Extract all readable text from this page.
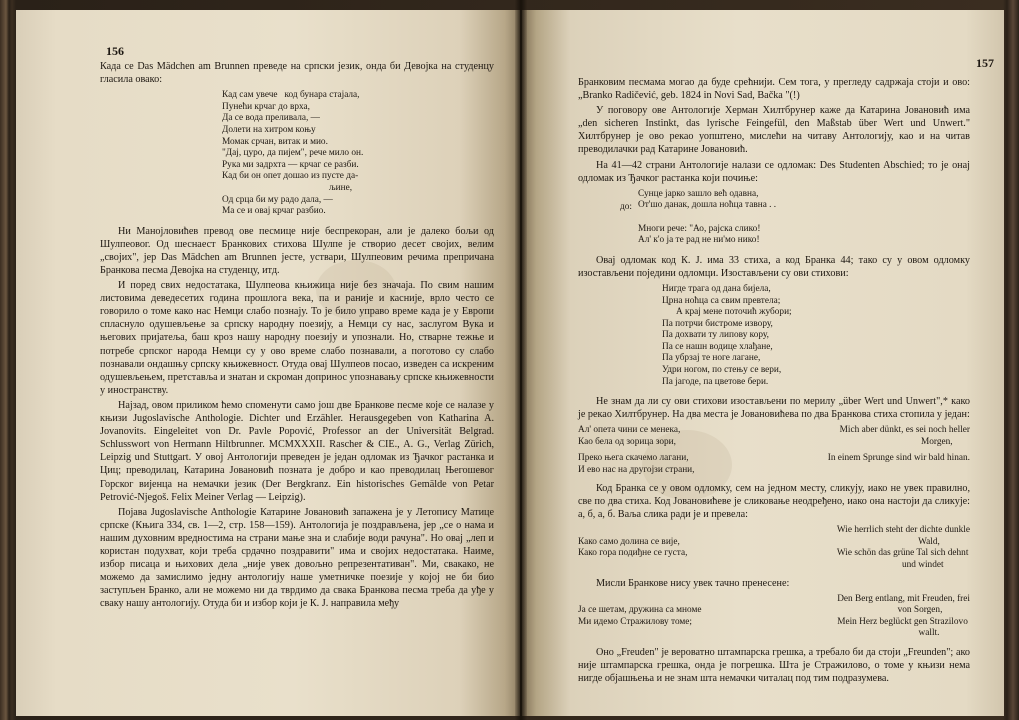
156

Када се Das Mädchen am Brunnen преведе на српски језик, онда би Девојка на студенцу гласила овако:

Кад сам увече   код бунара стајала,
Пунећи крчаг до врха,
Да се вода преливала, —
Долети на хитром коњу
Момак срчан, витак и мио.
"Дај, цуро, да пијем", рече мило он.
Рука ми задрхта — крчаг се разби.
Кад би он опет дошао из пусте да-
љине,
Од срца би му радо дала, —
Ма се и овај крчаг разбио.

Ни Манојловићев превод ове песмице није беспрекоран, али је далеко бољи од Шулпеовог. Од шеснаест Бранкових стихова Шулпе је створио десет својих, велим „својих", јер Das Mädchen am Brunnen јесте, уствари, Шулпеовим речима препричана Бранкова песма Девојка на студенцу, итд.

И поред свих недостатака, Шулпеова књижица није без значаја. По свим нашим листовима деведесетих година прошлога века, па и раније и касније, врло често се говорило о томе како нас Немци слабо познају. То је било управо време када је у Европи спласнуло одушевљење за српску народну поезију, а Немци су нас, заслугом Вука и његових пријатеља, баш кроз нашу народну поезију и упознали. Но, стварне тежње и потребе српског народа Немци су у ово време слабо познавали, а поготово су слабо познавали ондашњу српску књижевност. Отуда овај Шулпеов посао, изведен са искреним одушевљењем, претставља и знатан и скроман допринос упознавању српске књижевности у иностранству.

Најзад, овом приликом ћемо споменути само још две Бранкове песме које се налазе у књизи Jugoslavische Anthologie. Dichter und Erzähler. Herausgegeben von Katharina A. Jovanovits. Eingeleitet von Dr. Pavle Popović, Professor an der Universität Belgrad. Schlusswort von Hermann Hiltbrunner. MCMXXXII. Rascher & CIE., A. G., Verlag Zürich, Leipzig und Stuttgart. У овој Антологији преведен је један одломак из Ђачког растанка и Циц; преводилац, Катарина Јовановић позната је добро и као преводилац Његошевог Горског вијенца на немачки језик (Der Bergkranz. Ein historisches Gemälde von Petar Petrović-Njegoš. Felix Meiner Verlag — Leipzig).

Појава Jugoslavische Anthologie Катарине Јовановић запажена је у Летопису Матице српске (Књига 334, св. 1—2, стр. 158—159). Антологија је поздрављена, јер „се о нама и нашим духовним вредностима на страни мање зна и слабије води рачуна". Но овај „леп и користан подухват, који треба срдачно поздравити" има и својих недостатака. Наиме, избор писаца и њихових дела „није увек довољно репрезентативан". Ми, свакако, не можемо да замислимо једну антологију наше уметничке поезије у којој не би био заступљен Бранко, али не можемо ни да тврдимо да свака Бранкова песма треба да уђе у сваку нашу антологију. Отуда би и избор који је К. Ј. направила међу

157

Бранковим песмама могао да буде срећнији. Сем тога, у прегледу садржаја стоји и ово: „Branko Radičević, geb. 1824 in Novi Sad, Bačka "(!)

У поговору ове Антологије Херман Хилтбрунер каже да Катарина Јовановић има „den sicheren Instinkt, das lyrische Feingefül, den Maßstab über Wert und Unwert." Хилтбрунер је ово рекао уопштено, мислећи на читаву Антологију, као и на читав преводилачки рад Катарине Јовановић.

На 41—42 страни Антологије налази се одломак: Des Studenten Abschied; то је онај одломак из Ђачког растанка који почиње:

до:
Сунце јарко зашло већ одавна,
От'шо данак, дошла ноћца тавна . .

Многи рече: "Ао, рајска слико!
Ал' к'о ја те рад не ни'мо нико!

Овај одломак код К. Ј. има 33 стиха, а код Бранка 44; тако су у овом одломку изостављени поједини одломци. Изостављени су ови стихови:

Нигде трага од дана бијела,
Црна ноћца са свим превтела;
А крај мене поточић жубори;
Па потрчи бистроме извору,
Па дохвати ту липову кору,
Па се нашн водице хлађане,
Па убрзај те ноге лагане,
Удри ногом, по стењу се вери,
Па јагоде, па цветове бери.

Не знам да ли су ови стихови изостављени по мерилу „über Wert und Unwert",* како је рекао Хилтбрунер. На два места је Јовановићева по два Бранкова стиха стопила у један:

Ал' опета чини се менека,
Као бела од зорица зори,
Mich aber dünkt, es sei noch heller
Morgen,
Преко њега скачемо лагани,
И ево нас на другојзи страни,
In einem Sprunge sind wir bald hinan.

Код Бранка се у овом одломку, сем на једном месту, сликују, иако не увек правилно, све по два стиха. Код Јовановићеве је сликовање неодређено, иако она настоји да сликује: а, б, а, б. Ваља слика ради је и превела:

Како само долина се вије,
Како гора подиђне се густа,
Wie herrlich steht der dichte dunkle
Wald,
Wie schön das grüne Tal sich dehnt
und windet

Мисли Бранкове нису увек тачно пренесене:

Ја се шетам, дружина са мноме
Ми идемо Стражилову томе;
Den Berg entlang, mit Freuden, frei
von Sorgen,
Mein Herz beglückt gen Strazilovo
wallt.

Оно „Freuden" је вероватно штампарска грешка, а требало би да стоји „Freunden"; ако није штампарска грешка, онда је погрешка. Шта је Стражилово, о томе у књизи нема нигде објашњења и не знам шта немачки читалац под тим подразумева.
